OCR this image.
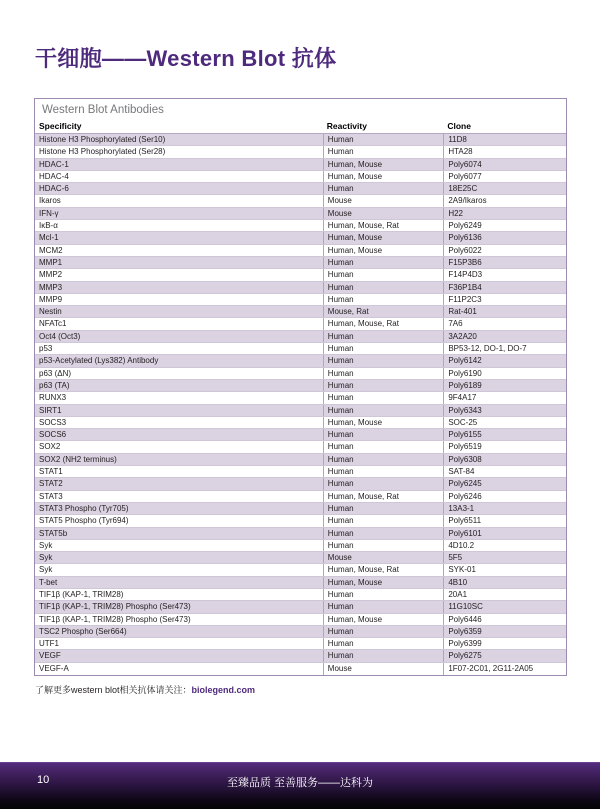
干细胞——Western Blot 抗体
Western Blot Antibodies
Specificity	Reactivity	Clone
Histone H3 Phosphorylated (Ser10)	Human	11D8
Histone H3 Phosphorylated (Ser28)	Human	HTA28
HDAC-1	Human, Mouse	Poly6074
HDAC-4	Human, Mouse	Poly6077
HDAC-6	Human	18E25C
Ikaros	Mouse	2A9/Ikaros
IFN-γ	Mouse	H22
IκB-α	Human, Mouse, Rat	Poly6249
Mcl-1	Human, Mouse	Poly6136
MCM2	Human, Mouse	Poly6022
MMP1	Human	F15P3B6
MMP2	Human	F14P4D3
MMP3	Human	F36P1B4
MMP9	Human	F11P2C3
Nestin	Mouse, Rat	Rat-401
NFATc1	Human, Mouse, Rat	7A6
Oct4 (Oct3)	Human	3A2A20
p53	Human	BP53-12, DO-1, DO-7
p53-Acetylated (Lys382) Antibody	Human	Poly6142
p63 (ΔN)	Human	Poly6190
p63 (TA)	Human	Poly6189
RUNX3	Human	9F4A17
SIRT1	Human	Poly6343
SOCS3	Human, Mouse	SOC-25
SOCS6	Human	Poly6155
SOX2	Human	Poly6519
SOX2 (NH2 terminus)	Human	Poly6308
STAT1	Human	SAT-84
STAT2	Human	Poly6245
STAT3	Human, Mouse, Rat	Poly6246
STAT3 Phospho (Tyr705)	Human	13A3-1
STAT5 Phospho (Tyr694)	Human	Poly6511
STAT5b	Human	Poly6101
Syk	Human	4D10.2
Syk	Mouse	5F5
Syk	Human, Mouse, Rat	SYK-01
T-bet	Human, Mouse	4B10
TIF1β (KAP-1, TRIM28)	Human	20A1
TIF1β (KAP-1, TRIM28) Phospho (Ser473)	Human	11G10SC
TIF1β (KAP-1, TRIM28) Phospho (Ser473)	Human, Mouse	Poly6446
TSC2 Phospho (Ser664)	Human	Poly6359
UTF1	Human	Poly6399
VEGF	Human	Poly6275
VEGF-A	Mouse	1F07-2C01, 2G11-2A05

了解更多western blot相关抗体请关注：biolegend.com

10	至臻品质 至善服务——达科为
